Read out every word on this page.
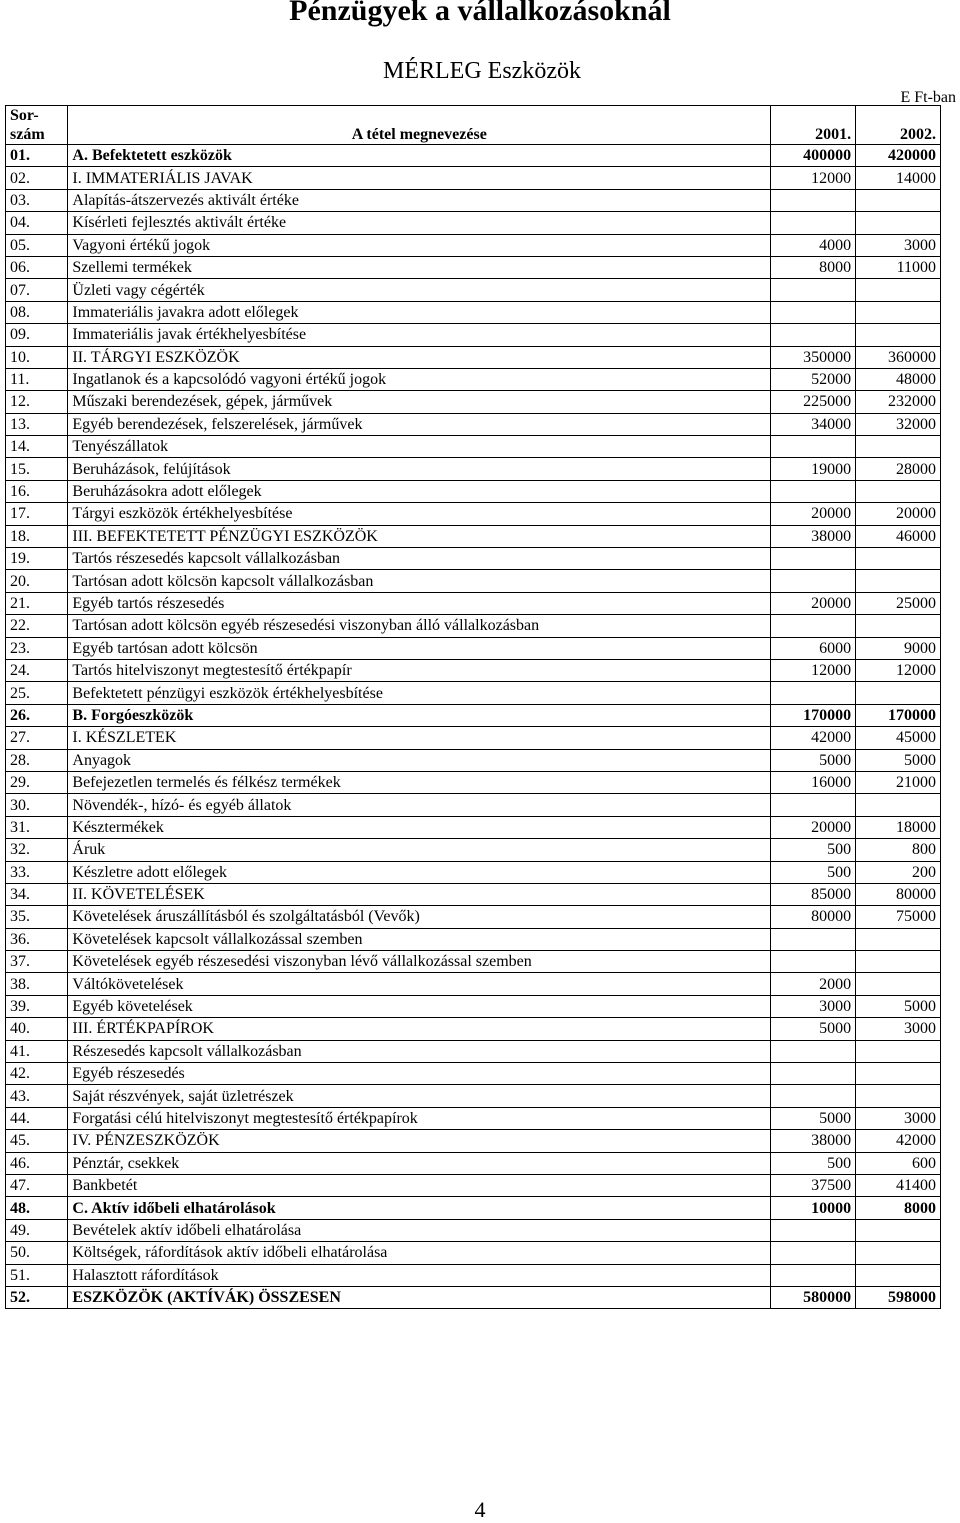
Pénzügyek a vállalkozásoknál
MÉRLEG Eszközök
E Ft-ban
Sor-
szám	A tétel megnevezése	2001.	2002.
01.	A. Befektetett eszközök	400000	420000
02.	I. IMMATERIÁLIS JAVAK	12000	14000
03.	Alapítás-átszervezés aktivált értéke		
04.	Kísérleti fejlesztés aktivált értéke		
05.	Vagyoni értékű jogok	4000	3000
06.	Szellemi termékek	8000	11000
07.	Üzleti vagy cégérték		
08.	Immateriális javakra adott előlegek		
09.	Immateriális javak értékhelyesbítése		
10.	II. TÁRGYI ESZKÖZÖK	350000	360000
11.	Ingatlanok és a kapcsolódó vagyoni értékű jogok	52000	48000
12.	Műszaki berendezések, gépek, járművek	225000	232000
13.	Egyéb berendezések, felszerelések, járművek	34000	32000
14.	Tenyészállatok		
15.	Beruházások, felújítások	19000	28000
16.	Beruházásokra adott előlegek		
17.	Tárgyi eszközök értékhelyesbítése	20000	20000
18.	III. BEFEKTETETT PÉNZÜGYI ESZKÖZÖK	38000	46000
19.	Tartós részesedés kapcsolt vállalkozásban		
20.	Tartósan adott kölcsön kapcsolt vállalkozásban		
21.	Egyéb tartós részesedés	20000	25000
22.	Tartósan adott kölcsön egyéb részesedési viszonyban álló vállalkozásban		
23.	Egyéb tartósan adott kölcsön	6000	9000
24.	Tartós hitelviszonyt megtestesítő értékpapír	12000	12000
25.	Befektetett pénzügyi eszközök értékhelyesbítése		
26.	B. Forgóeszközök	170000	170000
27.	I. KÉSZLETEK	42000	45000
28.	Anyagok	5000	5000
29.	Befejezetlen termelés és félkész termékek	16000	21000
30.	Növendék-, hízó- és egyéb állatok		
31.	Késztermékek	20000	18000
32.	Áruk	500	800
33.	Készletre adott előlegek	500	200
34.	II. KÖVETELÉSEK	85000	80000
35.	Követelések áruszállításból és szolgáltatásból (Vevők)	80000	75000
36.	Követelések kapcsolt vállalkozással szemben		
37.	Követelések egyéb részesedési viszonyban lévő vállalkozással szemben		
38.	Váltókövetelések	2000	
39.	Egyéb követelések	3000	5000
40.	III. ÉRTÉKPAPÍROK	5000	3000
41.	Részesedés kapcsolt vállalkozásban		
42.	Egyéb részesedés		
43.	Saját részvények, saját üzletrészek		
44.	Forgatási célú hitelviszonyt megtestesítő értékpapírok	5000	3000
45.	IV. PÉNZESZKÖZÖK	38000	42000
46.	Pénztár, csekkek	500	600
47.	Bankbetét	37500	41400
48.	C. Aktív időbeli elhatárolások	10000	8000
49.	Bevételek aktív időbeli elhatárolása		
50.	Költségek, ráfordítások aktív időbeli elhatárolása		
51.	Halasztott ráfordítások		
52.	ESZKÖZÖK (AKTÍVÁK) ÖSSZESEN	580000	598000
4
